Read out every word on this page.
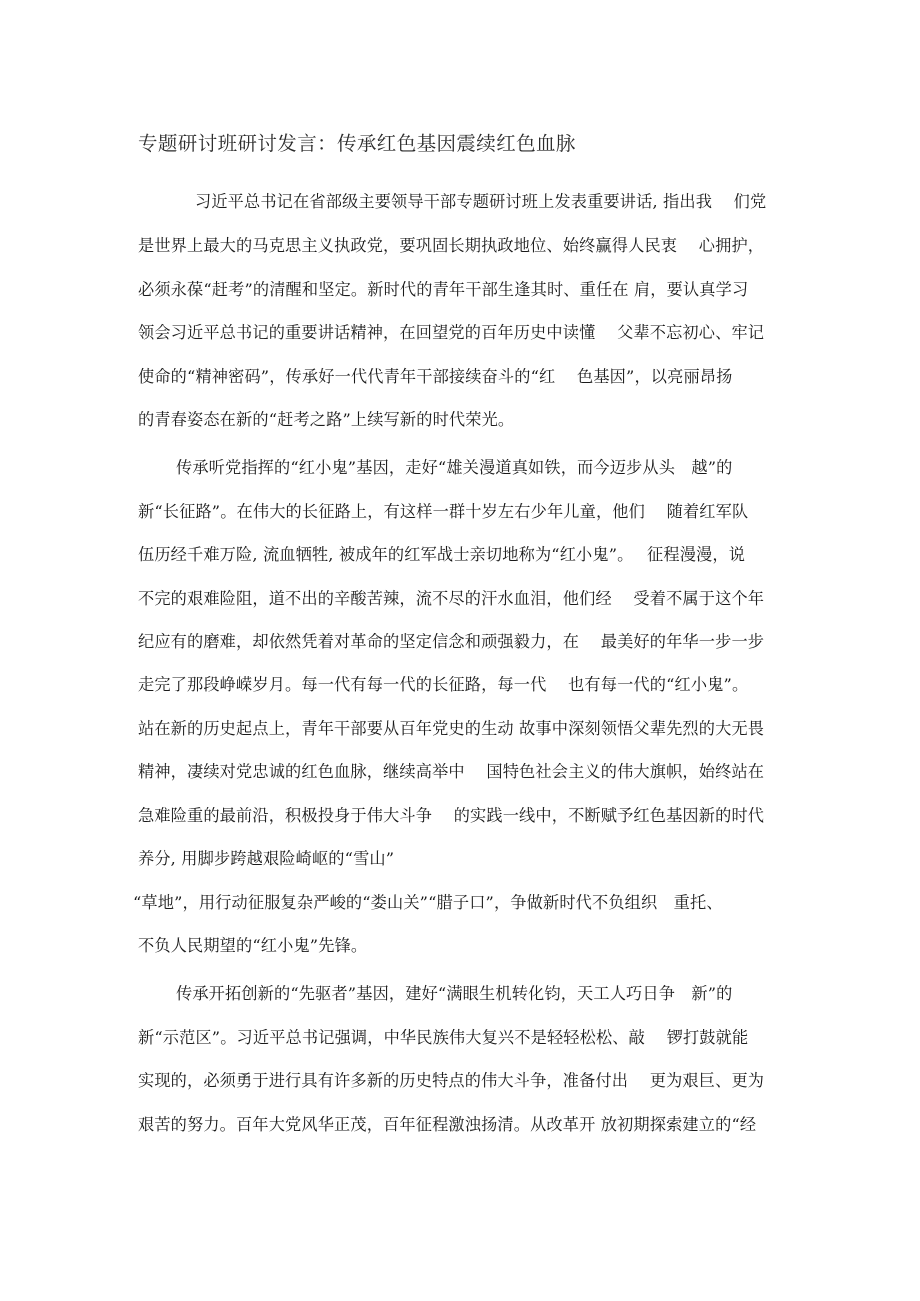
专题研讨班研讨发言：传承红色基因震续红色血脉
习近平总书记在省部级主要领导干部专题研讨班上发表重要讲话, 指出我　 们党
是世界上最大的马克思主义执政党，要巩固长期执政地位、始终赢得人民衷　 心拥护，
必须永葆“赶考”的清醒和坚定。新时代的青年干部生逢其时、重任在 肩，要认真学习
领会习近平总书记的重要讲话精神，在回望党的百年历史中读懂　 父辈不忘初心、牢记
使命的“精神密码”，传承好一代代青年干部接续奋斗的“红　 色基因”，以亮丽昂扬
的青春姿态在新的“赶考之路”上续写新的时代荣光。
传承听党指挥的“红小鬼”基因，走好“雄关漫道真如铁，而今迈步从头　越”的
新“长征路”。在伟大的长征路上，有这样一群十岁左右少年儿童，他们　 随着红军队
伍历经千难万险, 流血牺牲, 被成年的红军战士亲切地称为“红小鬼”。　 征程漫漫，说
不完的艰难险阻，道不出的辛酸苦辣，流不尽的汗水血泪，他们经　 受着不属于这个年
纪应有的磨难，却依然凭着对革命的坚定信念和顽强毅力，在　 最美好的年华一步一步
走完了那段峥嵘岁月。每一代有每一代的长征路，每一代　 也有每一代的“红小鬼”。
站在新的历史起点上，青年干部要从百年党史的生动 故事中深刻领悟父辈先烈的大无畏
精神，凄续对党忠诚的红色血脉，继续高举中　 国特色社会主义的伟大旗帜，始终站在
急难险重的最前沿，积极投身于伟大斗争　 的实践一线中，不断赋予红色基因新的时代
养分, 用脚步跨越艰险崎岖的“雪山”
“草地”，用行动征服复杂严峻的“娄山关”“腊子口”，争做新时代不负组织　重托、
不负人民期望的“红小鬼”先锋。
传承开拓创新的“先驱者”基因，建好“满眼生机转化钧，天工人巧日争　新”的
新“示范区”。习近平总书记强调，中华民族伟大复兴不是轻轻松松、敲　 锣打鼓就能
实现的，必须勇于进行具有许多新的历史特点的伟大斗争，准备付出　 更为艰巨、更为
艰苦的努力。百年大党风华正茂，百年征程激浊扬清。从改革开 放初期探索建立的“经
